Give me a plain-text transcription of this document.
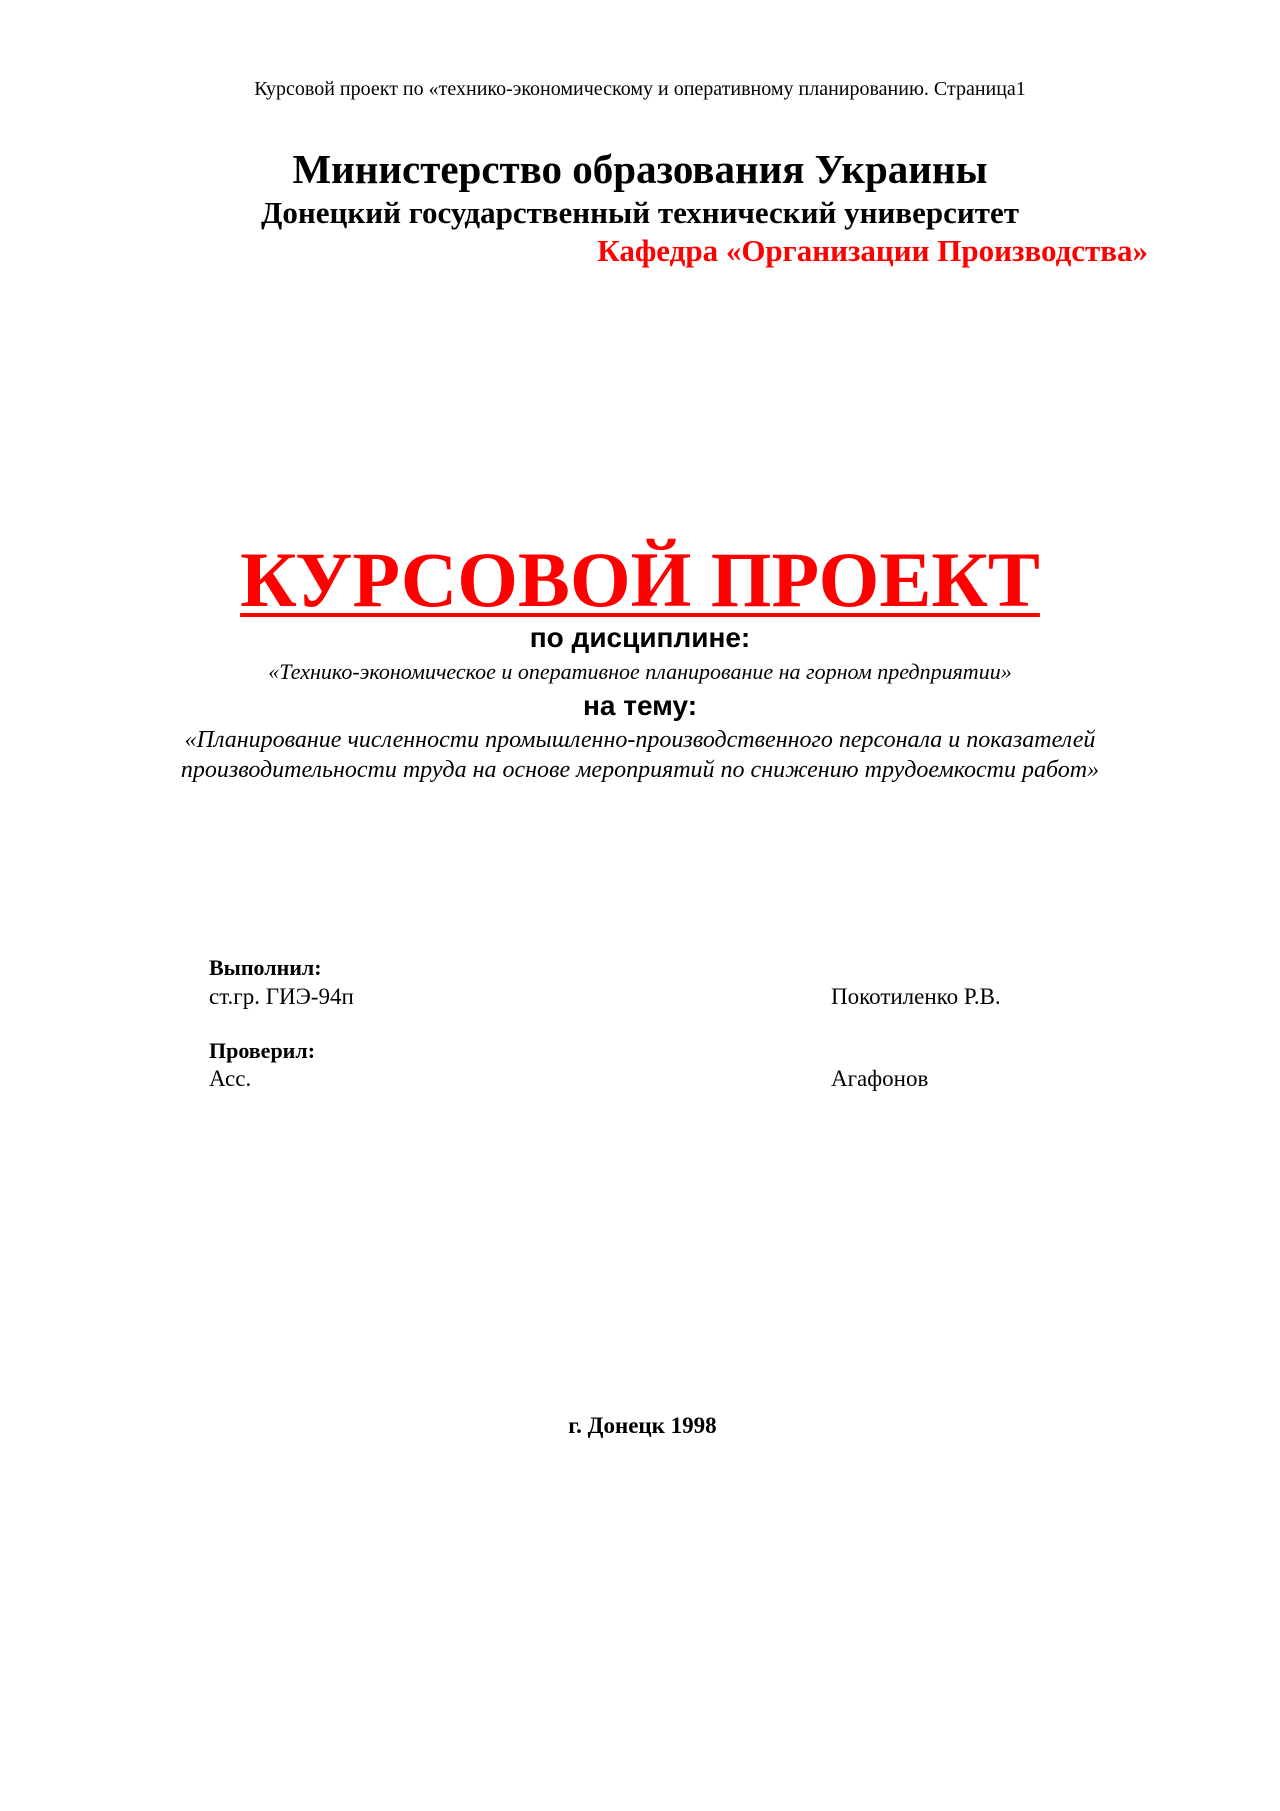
Курсовой проект по «технико-экономическому и оперативному планированию. Страница1
Министерство образования Украины
Донецкий государственный технический университет
Кафедра «Организации Производства»
КУРСОВОЙ ПРОЕКТ
по дисциплине:
«Технико-экономическое и оперативное планирование на горном предприятии»
на тему:
«Планирование численности промышленно-производственного персонала и показателей
производительности труда на основе мероприятий по снижению трудоемкости работ»
Выполнил:
ст.гр. ГИЭ-94п	Покотиленко Р.В.
Проверил:
Асс.	Агафонов
г. Донецк 1998
